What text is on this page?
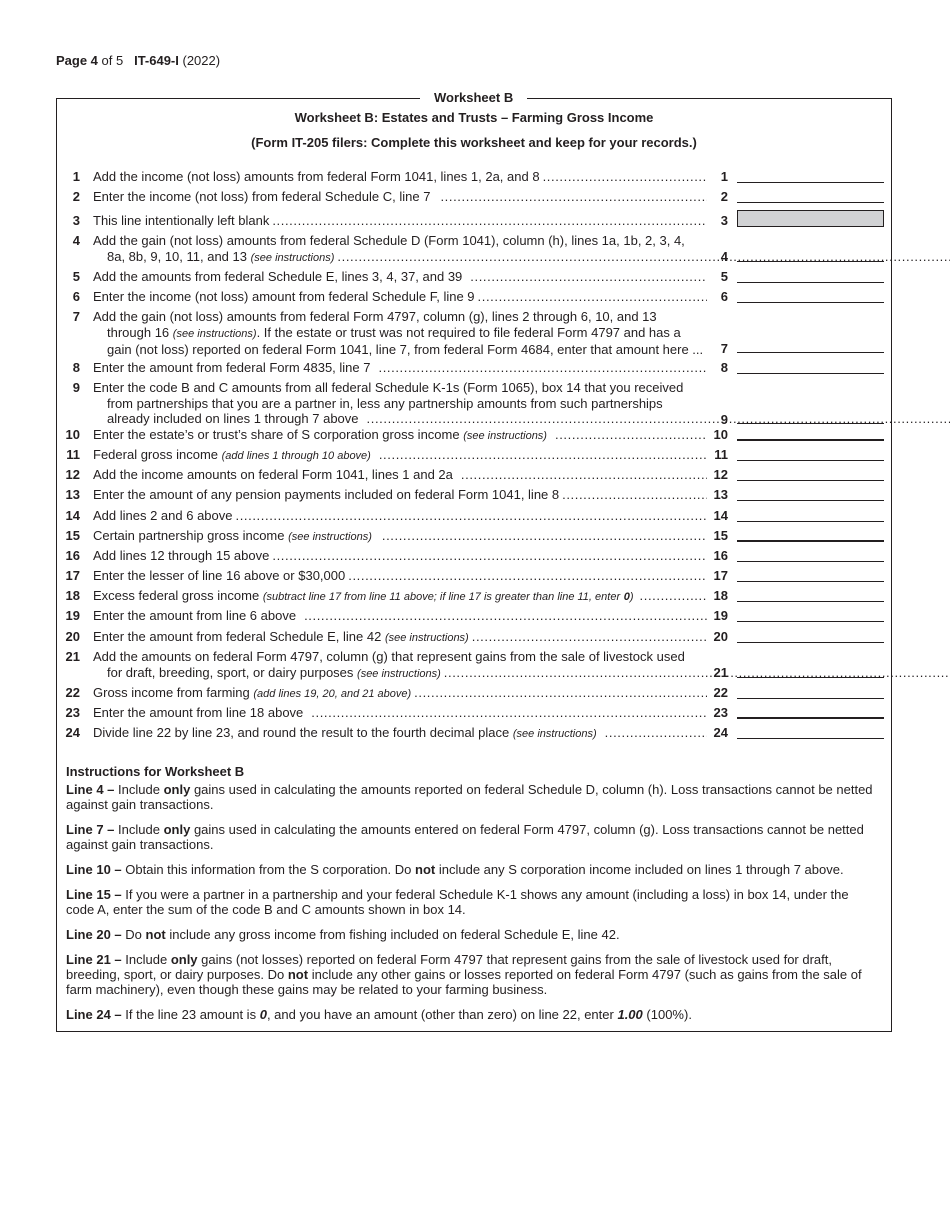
Page 4 of 5 IT-649-I (2022)
Worksheet B
Worksheet B: Estates and Trusts – Farming Gross Income
(Form IT-205 filers: Complete this worksheet and keep for your records.)
1 Add the income (not loss) amounts from federal Form 1041, lines 1, 2a, and 8 .....	1
2 Enter the income (not loss) from federal Schedule C, line 7 .....	2
3 This line intentionally left blank .....	3
4 Add the gain (not loss) amounts from federal Schedule D (Form 1041), column (h), lines 1a, 1b, 2, 3, 4,
8a, 8b, 9, 10, 11, and 13 (see instructions) .....	4
5 Add the amounts from federal Schedule E, lines 3, 4, 37, and 39 .....	5
6 Enter the income (not loss) amount from federal Schedule F, line 9 .....	6
7 Add the gain (not loss) amounts from federal Form 4797, column (g), lines 2 through 6, 10, and 13
through 16 (see instructions). If the estate or trust was not required to file federal Form 4797 and has a
gain (not loss) reported on federal Form 1041, line 7, from federal Form 4684, enter that amount here ...	7
8 Enter the amount from federal Form 4835, line 7 .....	8
9 Enter the code B and C amounts from all federal Schedule K-1s (Form 1065), box 14 that you received
from partnerships that you are a partner in, less any partnership amounts from such partnerships
already included on lines 1 through 7 above .....	9
10 Enter the estate’s or trust’s share of S corporation gross income (see instructions) .....	10
11 Federal gross income (add lines 1 through 10 above) .....	11
12 Add the income amounts on federal Form 1041, lines 1 and 2a .....	12
13 Enter the amount of any pension payments included on federal Form 1041, line 8 .....	13
14 Add lines 2 and 6 above .....	14
15 Certain partnership gross income (see instructions) .....	15
16 Add lines 12 through 15 above .....	16
17 Enter the lesser of line 16 above or $30,000 .....	17
18 Excess federal gross income (subtract line 17 from line 11 above; if line 17 is greater than line 11, enter 0) .....	18
19 Enter the amount from line 6 above .....	19
20 Enter the amount from federal Schedule E, line 42 (see instructions) .....	20
21 Add the amounts on federal Form 4797, column (g) that represent gains from the sale of livestock used
for draft, breeding, sport, or dairy purposes (see instructions) .....	21
22 Gross income from farming (add lines 19, 20, and 21 above) .....	22
23 Enter the amount from line 18 above .....	23
24 Divide line 22 by line 23, and round the result to the fourth decimal place (see instructions) .....	24
Instructions for Worksheet B

Line 4 – Include only gains used in calculating the amounts reported on federal Schedule D, column (h). Loss transactions cannot be netted against gain transactions.

Line 7 – Include only gains used in calculating the amounts entered on federal Form 4797, column (g). Loss transactions cannot be netted against gain transactions.

Line 10 – Obtain this information from the S corporation. Do not include any S corporation income included on lines 1 through 7 above.

Line 15 – If you were a partner in a partnership and your federal Schedule K-1 shows any amount (including a loss) in box 14, under the code A, enter the sum of the code B and C amounts shown in box 14.

Line 20 – Do not include any gross income from fishing included on federal Schedule E, line 42.

Line 21 – Include only gains (not losses) reported on federal Form 4797 that represent gains from the sale of livestock used for draft, breeding, sport, or dairy purposes. Do not include any other gains or losses reported on federal Form 4797 (such as gains from the sale of farm machinery), even though these gains may be related to your farming business.

Line 24 – If the line 23 amount is 0, and you have an amount (other than zero) on line 22, enter 1.00 (100%).
